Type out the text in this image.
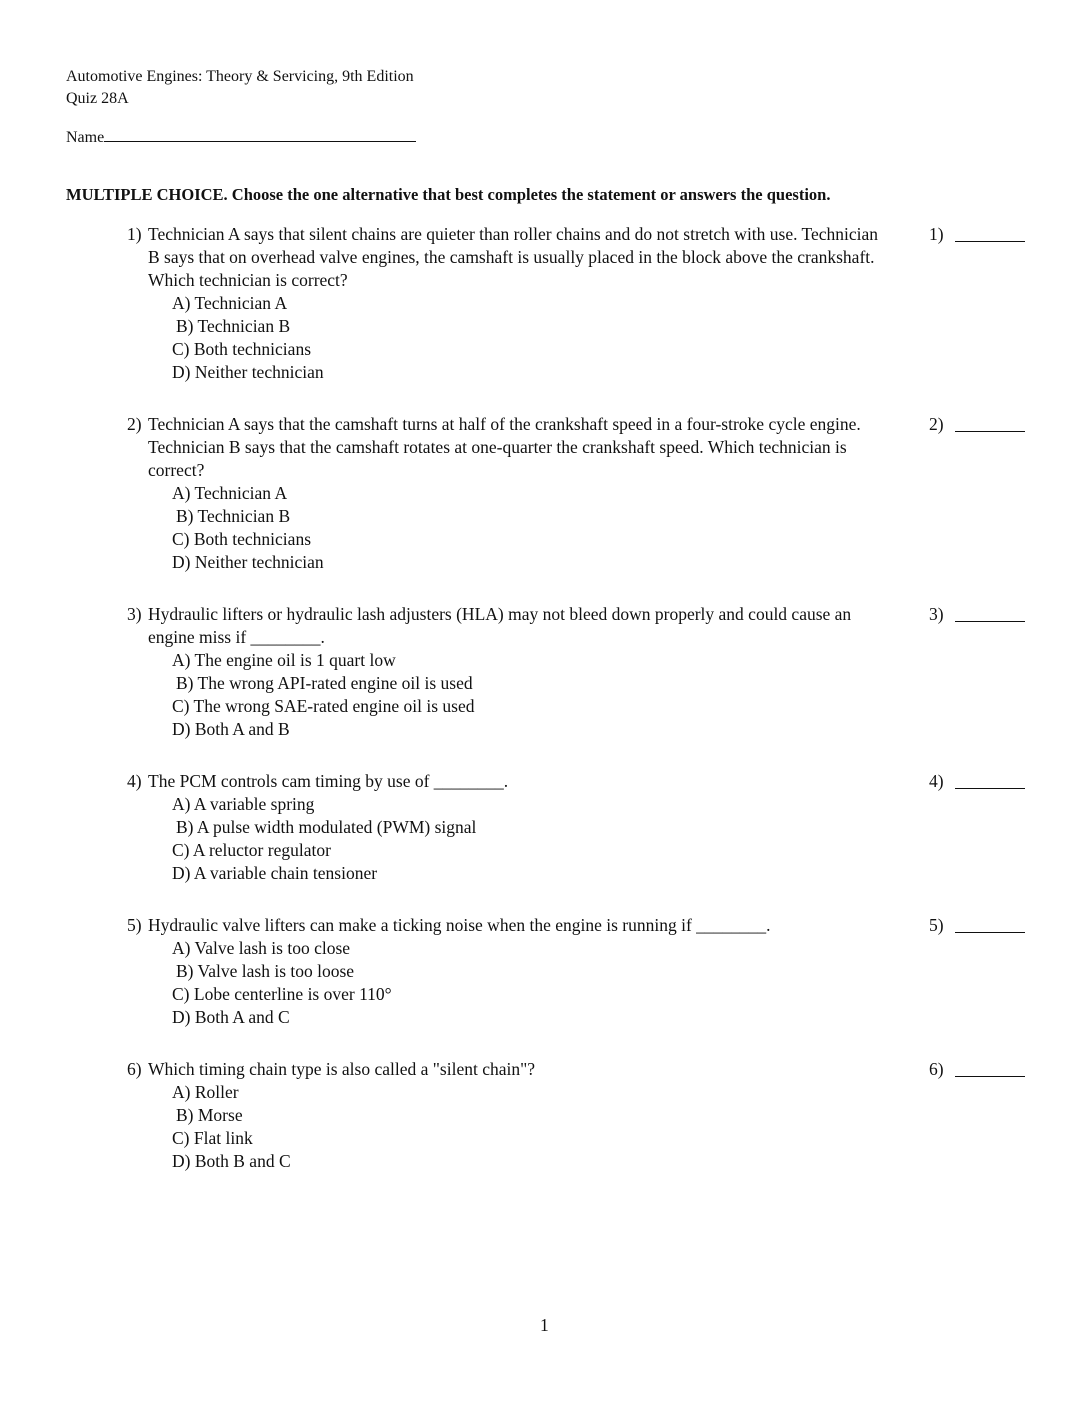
Automotive Engines: Theory & Servicing, 9th Edition
Quiz 28A
Name
MULTIPLE CHOICE. Choose the one alternative that best completes the statement or answers the question.
1) Technician A says that silent chains are quieter than roller chains and do not stretch with use. Technician B says that on overhead valve engines, the camshaft is usually placed in the block above the crankshaft. Which technician is correct?
A) Technician A
B) Technician B
C) Both technicians
D) Neither technician
1)
2) Technician A says that the camshaft turns at half of the crankshaft speed in a four-stroke cycle engine. Technician B says that the camshaft rotates at one-quarter the crankshaft speed. Which technician is correct?
A) Technician A
B) Technician B
C) Both technicians
D) Neither technician
2)
3) Hydraulic lifters or hydraulic lash adjusters (HLA) may not bleed down properly and could cause an engine miss if ________.
A) The engine oil is 1 quart low
B) The wrong API-rated engine oil is used
C) The wrong SAE-rated engine oil is used
D) Both A and B
3)
4) The PCM controls cam timing by use of ________.
A) A variable spring
B) A pulse width modulated (PWM) signal
C) A reluctor regulator
D) A variable chain tensioner
4)
5) Hydraulic valve lifters can make a ticking noise when the engine is running if ________.
A) Valve lash is too close
B) Valve lash is too loose
C) Lobe centerline is over 110°
D) Both A and C
5)
6) Which timing chain type is also called a "silent chain"?
A) Roller
B) Morse
C) Flat link
D) Both B and C
6)
1
